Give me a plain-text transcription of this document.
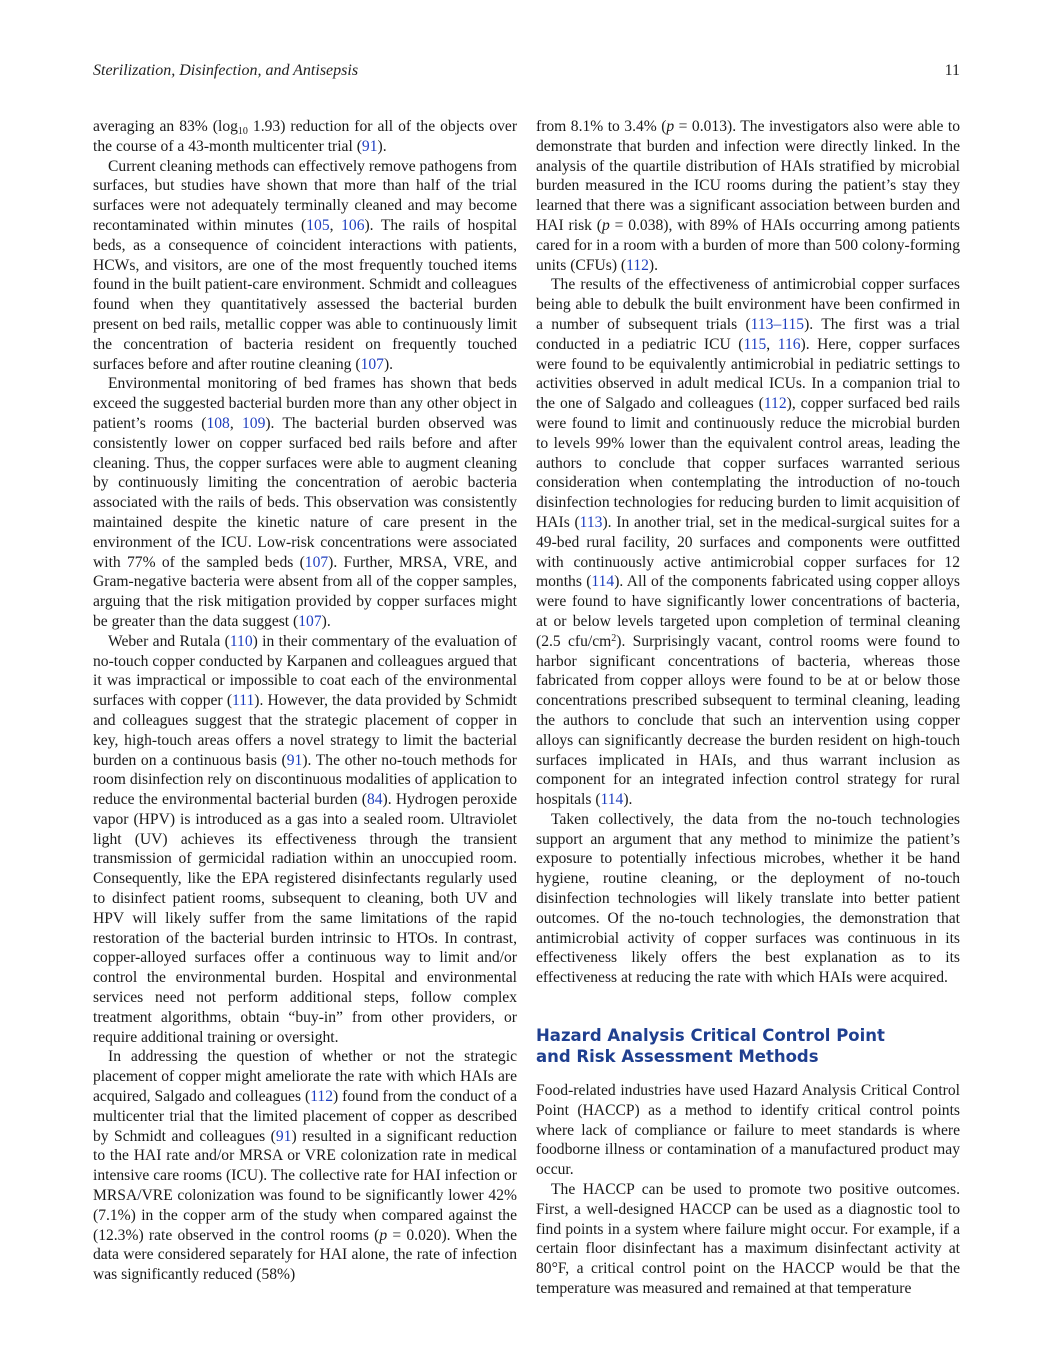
Sterilization, Disinfection, and Antisepsis	11

averaging an 83% ($\log_{10}$ 1.93) reduction for all of the objects over the course of a 43-month multicenter trial (91).

Current cleaning methods can effectively remove pathogens from surfaces, but studies have shown that more than half of the trial surfaces were not adequately terminally cleaned and may become recontaminated within minutes (105, 106). The rails of hospital beds, as a consequence of coincident interactions with patients, HCWs, and visitors, are one of the most frequently touched items found in the built patient-care environment. Schmidt and colleagues found when they quantitatively assessed the bacterial burden present on bed rails, metallic copper was able to continuously limit the concentration of bacteria resident on frequently touched surfaces before and after routine cleaning (107).

Environmental monitoring of bed frames has shown that beds exceed the suggested bacterial burden more than any other object in patient’s rooms (108, 109). The bacterial burden observed was consistently lower on copper surfaced bed rails before and after cleaning. Thus, the copper surfaces were able to augment cleaning by continuously limiting the concentration of aerobic bacteria associated with the rails of beds. This observation was consistently maintained despite the kinetic nature of care present in the environment of the ICU. Low-risk concentrations were associated with 77% of the sampled beds (107). Further, MRSA, VRE, and Gram-negative bacteria were absent from all of the copper samples, arguing that the risk mitigation provided by copper surfaces might be greater than the data suggest (107).

Weber and Rutala (110) in their commentary of the evaluation of no-touch copper conducted by Karpanen and colleagues argued that it was impractical or impossible to coat each of the environmental surfaces with copper (111). However, the data provided by Schmidt and colleagues suggest that the strategic placement of copper in key, high-touch areas offers a novel strategy to limit the bacterial burden on a continuous basis (91). The other no-touch methods for room disinfection rely on discontinuous modalities of application to reduce the environmental bacterial burden (84). Hydrogen peroxide vapor (HPV) is introduced as a gas into a sealed room. Ultraviolet light (UV) achieves its effectiveness through the transient transmission of germicidal radiation within an unoccupied room. Consequently, like the EPA registered disinfectants regularly used to disinfect patient rooms, subsequent to cleaning, both UV and HPV will likely suffer from the same limitations of the rapid restoration of the bacterial burden intrinsic to HTOs. In contrast, copper-alloyed surfaces offer a continuous way to limit and/or control the environmental burden. Hospital and environmental services need not perform additional steps, follow complex treatment algorithms, obtain “buy-in” from other providers, or require additional training or oversight.

In addressing the question of whether or not the strategic placement of copper might ameliorate the rate with which HAIs are acquired, Salgado and colleagues (112) found from the conduct of a multicenter trial that the limited placement of copper as described by Schmidt and colleagues (91) resulted in a significant reduction to the HAI rate and/or MRSA or VRE colonization rate in medical intensive care rooms (ICU). The collective rate for HAI infection or MRSA/VRE colonization was found to be significantly lower 42% (7.1%) in the copper arm of the study when compared against the (12.3%) rate observed in the control rooms (p = 0.020). When the data were considered separately for HAI alone, the rate of infection was significantly reduced (58%)

from 8.1% to 3.4% (p = 0.013). The investigators also were able to demonstrate that burden and infection were directly linked. In the analysis of the quartile distribution of HAIs stratified by microbial burden measured in the ICU rooms during the patient’s stay they learned that there was a significant association between burden and HAI risk (p = 0.038), with 89% of HAIs occurring among patients cared for in a room with a burden of more than 500 colony-forming units (CFUs) (112).

The results of the effectiveness of antimicrobial copper surfaces being able to debulk the built environment have been confirmed in a number of subsequent trials (113–115). The first was a trial conducted in a pediatric ICU (115, 116). Here, copper surfaces were found to be equivalently antimicrobial in pediatric settings to activities observed in adult medical ICUs. In a companion trial to the one of Salgado and colleagues (112), copper surfaced bed rails were found to limit and continuously reduce the microbial burden to levels 99% lower than the equivalent control areas, leading the authors to conclude that copper surfaces warranted serious consideration when contemplating the introduction of no-touch disinfection technologies for reducing burden to limit acquisition of HAIs (113). In another trial, set in the medical-surgical suites for a 49-bed rural facility, 20 surfaces and components were outfitted with continuously active antimicrobial copper surfaces for 12 months (114). All of the components fabricated using copper alloys were found to have significantly lower concentrations of bacteria, at or below levels targeted upon completion of terminal cleaning (2.5 cfu/$cm^2$). Surprisingly vacant, control rooms were found to harbor significant concentrations of bacteria, whereas those fabricated from copper alloys were found to be at or below those concentrations prescribed subsequent to terminal cleaning, leading the authors to conclude that such an intervention using copper alloys can significantly decrease the burden resident on high-touch surfaces implicated in HAIs, and thus warrant inclusion as component for an integrated infection control strategy for rural hospitals (114).

Taken collectively, the data from the no-touch technologies support an argument that any method to minimize the patient’s exposure to potentially infectious microbes, whether it be hand hygiene, routine cleaning, or the deployment of no-touch disinfection technologies will likely translate into better patient outcomes. Of the no-touch technologies, the demonstration that antimicrobial activity of copper surfaces was continuous in its effectiveness likely offers the best explanation as to its effectiveness at reducing the rate with which HAIs were acquired.

Hazard Analysis Critical Control Point
and Risk Assessment Methods

Food-related industries have used Hazard Analysis Critical Control Point (HACCP) as a method to identify critical control points where lack of compliance or failure to meet standards is where foodborne illness or contamination of a manufactured product may occur.

The HACCP can be used to promote two positive outcomes. First, a well-designed HACCP can be used as a diagnostic tool to find points in a system where failure might occur. For example, if a certain floor disinfectant has a maximum disinfectant activity at 80°F, a critical control point on the HACCP would be that the temperature was measured and remained at that temperature
